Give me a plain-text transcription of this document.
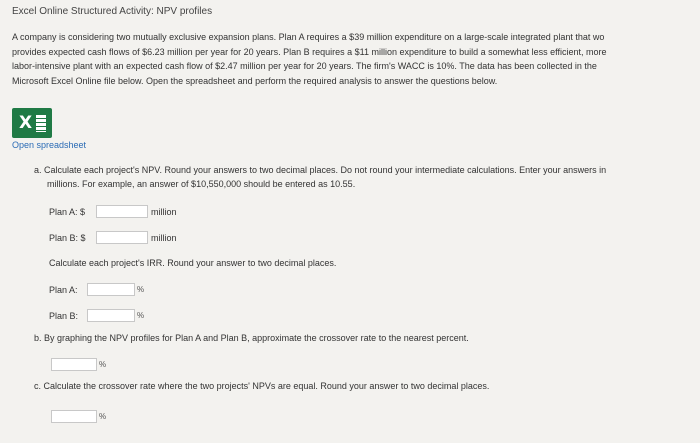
Excel Online Structured Activity: NPV profiles
A company is considering two mutually exclusive expansion plans. Plan A requires a $39 million expenditure on a large-scale integrated plant that wo
provides expected cash flows of $6.23 million per year for 20 years. Plan B requires a $11 million expenditure to build a somewhat less efficient, more
labor-intensive plant with an expected cash flow of $2.47 million per year for 20 years. The firm's WACC is 10%. The data has been collected in the
Microsoft Excel Online file below. Open the spreadsheet and perform the required analysis to answer the questions below.
X
Open spreadsheet
a. Calculate each project's NPV. Round your answers to two decimal places. Do not round your intermediate calculations. Enter your answers in
millions. For example, an answer of $10,550,000 should be entered as 10.55.
Plan A: $	million
Plan B: $	million
Calculate each project's IRR. Round your answer to two decimal places.
Plan A:	%
Plan B:	%
b. By graphing the NPV profiles for Plan A and Plan B, approximate the crossover rate to the nearest percent.
%
c. Calculate the crossover rate where the two projects' NPVs are equal. Round your answer to two decimal places.
%
